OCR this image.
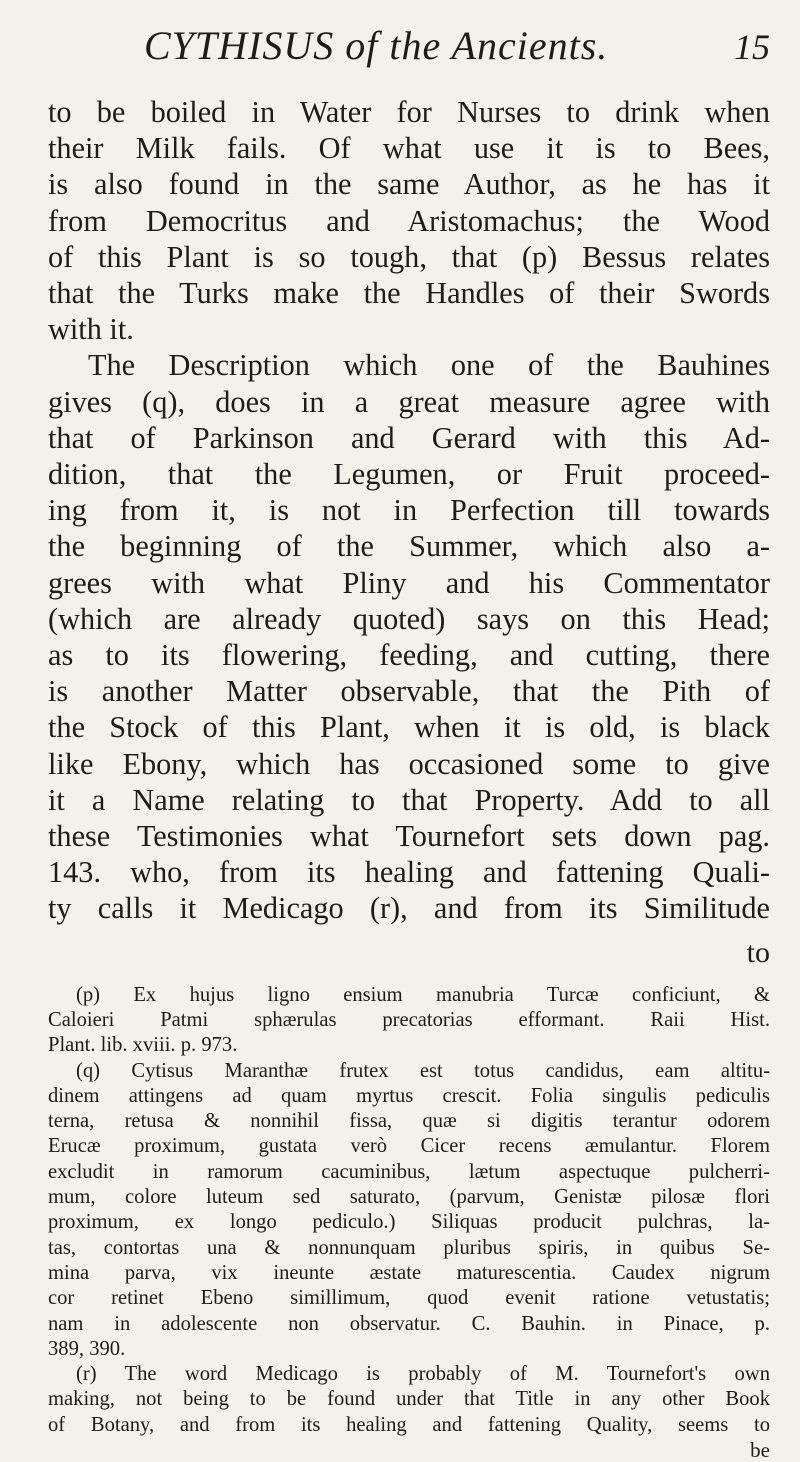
CYTHISUS of the Ancients.	15

to be boiled in Water for Nurses to drink when

their Milk fails. Of what use it is to Bees,

is also found in the same Author, as he has it

from Democritus and Aristomachus; the Wood

of this Plant is so tough, that (p) Bessus relates

that the Turks make the Handles of their Swords

with it.

The Description which one of the Bauhines

gives (q), does in a great measure agree with

that of Parkinson and Gerard with this Ad-

dition, that the Legumen, or Fruit proceed-

ing from it, is not in Perfection till towards

the beginning of the Summer, which also a-

grees with what Pliny and his Commentator

(which are already quoted) says on this Head;

as to its flowering, feeding, and cutting, there

is another Matter observable, that the Pith of

the Stock of this Plant, when it is old, is black

like Ebony, which has occasioned some to give

it a Name relating to that Property. Add to all

these Testimonies what Tournefort sets down pag.

143. who, from its healing and fattening Quali-

ty calls it Medicago (r), and from its Similitude

to

(p) Ex hujus ligno ensium manubria Turcæ conficiunt, &

Caloieri Patmi sphærulas precatorias efformant. Raii Hist.

Plant. lib. xviii. p. 973.

(q) Cytisus Maranthæ frutex est totus candidus, eam altitu-

dinem attingens ad quam myrtus crescit. Folia singulis pediculis

terna, retusa & nonnihil fissa, quæ si digitis terantur odorem

Erucæ proximum, gustata verò Cicer recens æmulantur. Florem

excludit in ramorum cacuminibus, lætum aspectuque pulcherri-

mum, colore luteum sed saturato, (parvum, Genistæ pilosæ flori

proximum, ex longo pediculo.) Siliquas producit pulchras, la-

tas, contortas una & nonnunquam pluribus spiris, in quibus Se-

mina parva, vix ineunte æstate maturescentia. Caudex nigrum

cor retinet Ebeno simillimum, quod evenit ratione vetustatis;

nam in adolescente non observatur. C. Bauhin. in Pinace, p.

389, 390.

(r) The word Medicago is probably of M. Tournefort's own

making, not being to be found under that Title in any other Book

of Botany, and from its healing and fattening Quality, seems to

be
